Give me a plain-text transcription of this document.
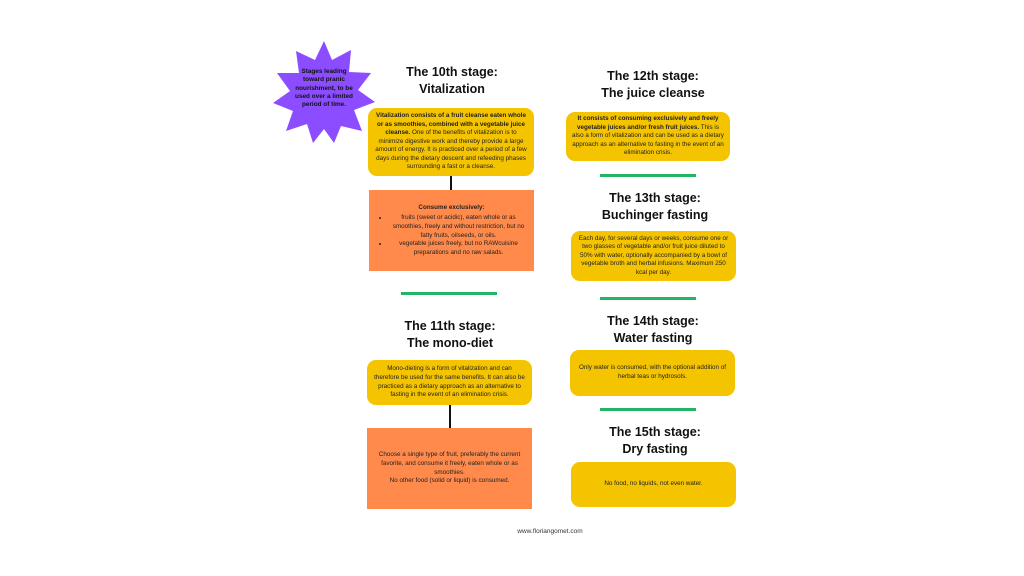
Stages leading toward pranic nourishment, to be used over a limited period of time.
The 10th stage:
Vitalization
Vitalization consists of a fruit cleanse eaten whole or as smoothies, combined with a vegetable juice cleanse. One of the benefits of vitalization is to minimize digestive work and thereby provide a large amount of energy. It is practiced over a period of a few days during the dietary descent and refeeding phases surrounding a fast or a cleanse.
Consume exclusively:
• fruits (sweet or acidic), eaten whole or as smoothies, freely and without restriction, but no fatty fruits, oilseeds, or oils.
• vegetable juices freely, but no RAWcuisine preparations and no raw salads.
The 11th stage:
The mono-diet
Mono-dieting is a form of vitalization and can therefore be used for the same benefits. It can also be practiced as a dietary approach as an alternative to fasting in the event of an elimination crisis.
Choose a single type of fruit, preferably the current favorite, and consume it freely, eaten whole or as smoothies.
No other food (solid or liquid) is consumed.
The 12th stage:
The juice cleanse
It consists of consuming exclusively and freely vegetable juices and/or fresh fruit juices. This is also a form of vitalization and can be used as a dietary approach as an alternative to fasting in the event of an elimination crisis.
The 13th stage:
Buchinger fasting
Each day, for several days or weeks, consume one or two glasses of vegetable and/or fruit juice diluted to 50% with water, optionally accompanied by a bowl of vegetable broth and herbal infusions. Maximum 250 kcal per day.
The 14th stage:
Water fasting
Only water is consumed, with the optional addition of herbal teas or hydrosols.
The 15th stage:
Dry fasting
No food, no liquids, not even water.
www.floriangomet.com
